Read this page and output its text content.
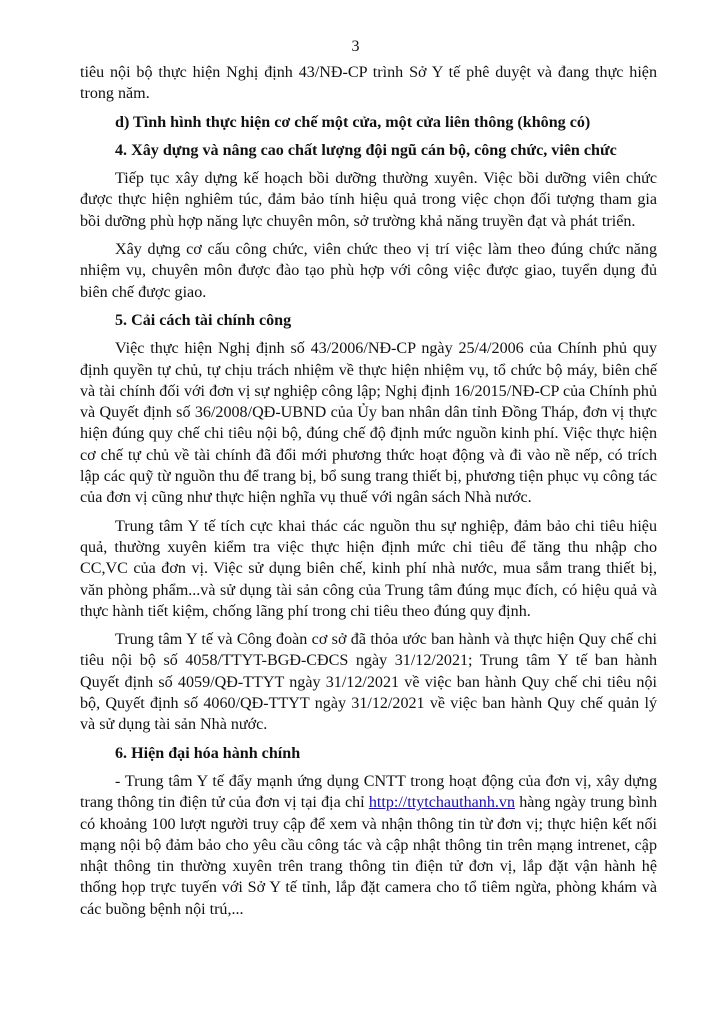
3

tiêu nội bộ thực hiện Nghị định 43/NĐ-CP trình Sở Y tế phê duyệt và đang thực hiện trong năm.

d) Tình hình thực hiện cơ chế một cửa, một cửa liên thông (không có)

4. Xây dựng và nâng cao chất lượng đội ngũ cán bộ, công chức, viên chức

Tiếp tục xây dựng kế hoạch bồi dưỡng thường xuyên. Việc bồi dưỡng viên chức được thực hiện nghiêm túc, đảm bảo tính hiệu quả trong việc chọn đối tượng tham gia bồi dưỡng phù hợp năng lực chuyên môn, sở trường khả năng truyền đạt và phát triển.

Xây dựng cơ cấu công chức, viên chức theo vị trí việc làm theo đúng chức năng nhiệm vụ, chuyên môn được đào tạo phù hợp với công việc được giao, tuyển dụng đủ biên chế được giao.

5. Cải cách tài chính công

Việc thực hiện Nghị định số 43/2006/NĐ-CP ngày 25/4/2006 của Chính phủ quy định quyền tự chủ, tự chịu trách nhiệm về thực hiện nhiệm vụ, tổ chức bộ máy, biên chế và tài chính đối với đơn vị sự nghiệp công lập; Nghị định 16/2015/NĐ-CP của Chính phủ và Quyết định số 36/2008/QĐ-UBND của Ủy ban nhân dân tỉnh Đồng Tháp, đơn vị thực hiện đúng quy chế chi tiêu nội bộ, đúng chế độ định mức nguồn kinh phí. Việc thực hiện cơ chế tự chủ về tài chính đã đổi mới phương thức hoạt động và đi vào nề nếp, có trích lập các quỹ từ nguồn thu để trang bị, bổ sung trang thiết bị, phương tiện phục vụ công tác của đơn vị cũng như thực hiện nghĩa vụ thuế với ngân sách Nhà nước.

Trung tâm Y tế tích cực khai thác các nguồn thu sự nghiệp, đảm bảo chi tiêu hiệu quả, thường xuyên kiểm tra việc thực hiện định mức chi tiêu để tăng thu nhập cho CC,VC của đơn vị. Việc sử dụng biên chế, kinh phí nhà nước, mua sắm trang thiết bị, văn phòng phẩm...và sử dụng tài sản công của Trung tâm đúng mục đích, có hiệu quả và thực hành tiết kiệm, chống lãng phí trong chi tiêu theo đúng quy định.

Trung tâm Y tế và Công đoàn cơ sở đã thỏa ước ban hành và thực hiện Quy chế chi tiêu nội bộ số 4058/TTYT-BGĐ-CĐCS ngày 31/12/2021; Trung tâm Y tế ban hành Quyết định số 4059/QĐ-TTYT ngày 31/12/2021 về việc ban hành Quy chế chi tiêu nội bộ, Quyết định số 4060/QĐ-TTYT ngày 31/12/2021 về việc ban hành Quy chế quản lý và sử dụng tài sản Nhà nước.

6. Hiện đại hóa hành chính

- Trung tâm Y tế đẩy mạnh ứng dụng CNTT trong hoạt động của đơn vị, xây dựng trang thông tin điện tử của đơn vị tại địa chỉ http://ttytchauthanh.vn hàng ngày trung bình có khoảng 100 lượt người truy cập để xem và nhận thông tin từ đơn vị; thực hiện kết nối mạng nội bộ đảm bảo cho yêu cầu công tác và cập nhật thông tin trên mạng intrenet, cập nhật thông tin thường xuyên trên trang thông tin điện tử đơn vị, lắp đặt vận hành hệ thống họp trực tuyến với Sở Y tế tỉnh, lắp đặt camera cho tổ tiêm ngừa, phòng khám và các buồng bệnh nội trú,...
